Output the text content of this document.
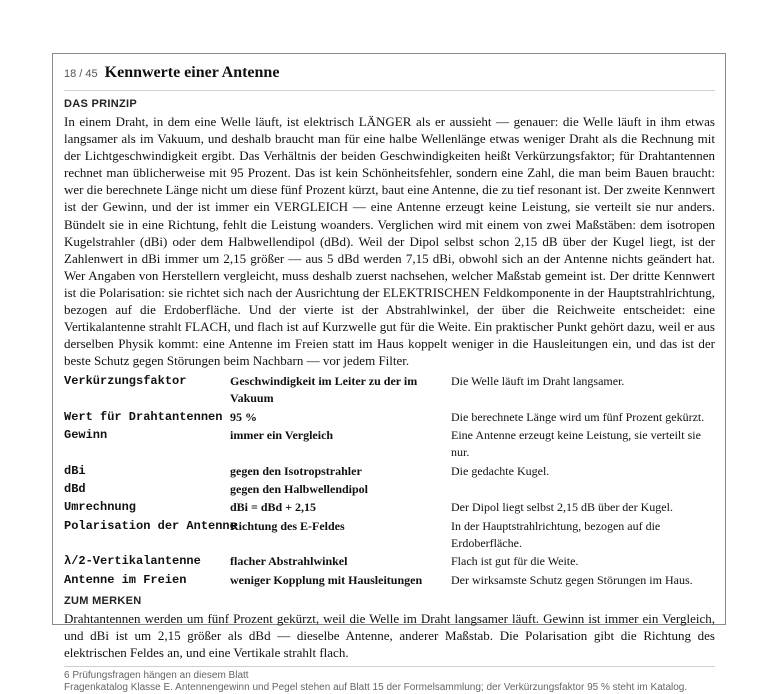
18 / 45 Kennwerte einer Antenne
DAS PRINZIP

In einem Draht, in dem eine Welle läuft, ist elektrisch LÄNGER als er aussieht — genauer: die Welle läuft in ihm etwas langsamer als im Vakuum, und deshalb braucht man für eine halbe Wellenlänge etwas weniger Draht als die Rechnung mit der Lichtgeschwindigkeit ergibt. Das Verhältnis der beiden Geschwindigkeiten heißt Verkürzungsfaktor; für Drahtantennen rechnet man üblicherweise mit 95 Prozent. Das ist kein Schönheitsfehler, sondern eine Zahl, die man beim Bauen braucht: wer die berechnete Länge nicht um diese fünf Prozent kürzt, baut eine Antenne, die zu tief resonant ist. Der zweite Kennwert ist der Gewinn, und der ist immer ein VERGLEICH — eine Antenne erzeugt keine Leistung, sie verteilt sie nur anders. Bündelt sie in eine Richtung, fehlt die Leistung woanders. Verglichen wird mit einem von zwei Maßstäben: dem isotropen Kugelstrahler (dBi) oder dem Halbwellendipol (dBd). Weil der Dipol selbst schon 2,15 dB über der Kugel liegt, ist der Zahlenwert in dBi immer um 2,15 größer — aus 5 dBd werden 7,15 dBi, obwohl sich an der Antenne nichts geändert hat. Wer Angaben von Herstellern vergleicht, muss deshalb zuerst nachsehen, welcher Maßstab gemeint ist. Der dritte Kennwert ist die Polarisation: sie richtet sich nach der Ausrichtung der ELEKTRISCHEN Feldkomponente in der Hauptstrahlrichtung, bezogen auf die Erdoberfläche. Und der vierte ist der Abstrahlwinkel, der über die Reichweite entscheidet: eine Vertikalantenne strahlt FLACH, und flach ist auf Kurzwelle gut für die Weite. Ein praktischer Punkt gehört dazu, weil er aus derselben Physik kommt: eine Antenne im Freien statt im Haus koppelt weniger in die Hausleitungen ein, und das ist der beste Schutz gegen Störungen beim Nachbarn — vor jedem Filter.

Verkürzungsfaktor	Geschwindigkeit im Leiter zu der im Vakuum	Die Welle läuft im Draht langsamer.
Wert für Drahtantennen	95 %	Die berechnete Länge wird um fünf Prozent gekürzt.
Gewinn	immer ein Vergleich	Eine Antenne erzeugt keine Leistung, sie verteilt sie nur.
dBi	gegen den Isotropstrahler	Die gedachte Kugel.
dBd	gegen den Halbwellendipol	
Umrechnung	dBi = dBd + 2,15	Der Dipol liegt selbst 2,15 dB über der Kugel.
Polarisation der Antenne	Richtung des E-Feldes	In der Hauptstrahlrichtung, bezogen auf die Erdoberfläche.
λ/2-Vertikalantenne	flacher Abstrahlwinkel	Flach ist gut für die Weite.
Antenne im Freien	weniger Kopplung mit Hausleitungen	Der wirksamste Schutz gegen Störungen im Haus.
ZUM MERKEN

Drahtantennen werden um fünf Prozent gekürzt, weil die Welle im Draht langsamer läuft. Gewinn ist immer ein Vergleich, und dBi ist um 2,15 größer als dBd — dieselbe Antenne, anderer Maßstab. Die Polarisation gibt die Richtung des elektrischen Feldes an, und eine Vertikale strahlt flach.

6 Prüfungsfragen hängen an diesem Blatt
Fragenkatalog Klasse E. Antennengewinn und Pegel stehen auf Blatt 15 der Formelsammlung; der Verkürzungsfaktor 95 % steht im Katalog.
